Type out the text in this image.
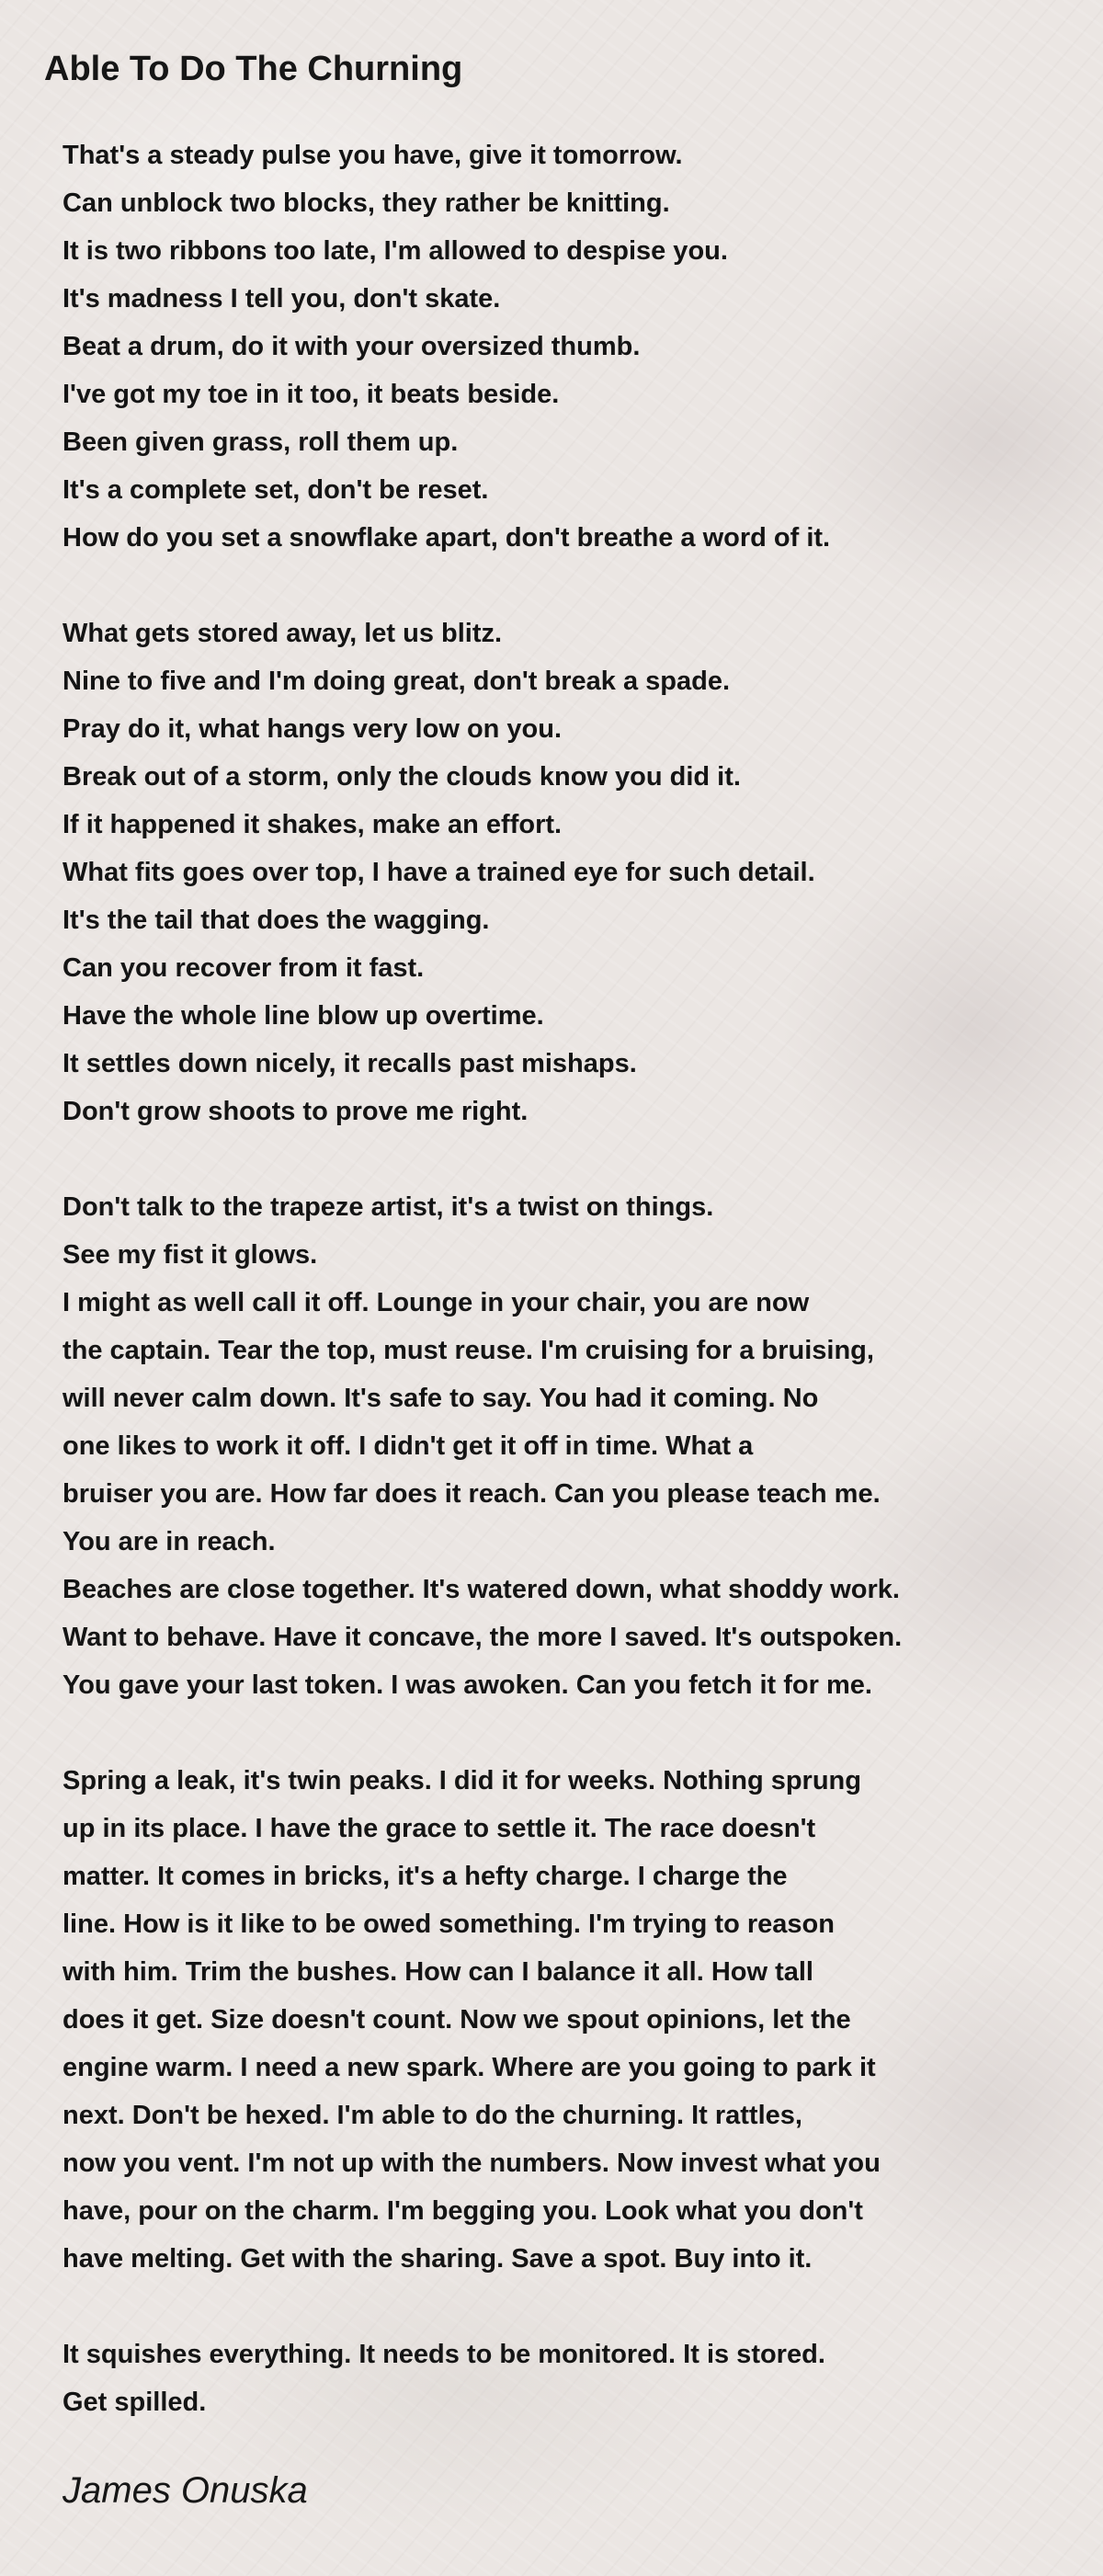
Able To Do The Churning
That's a steady pulse you have, give it tomorrow.
Can unblock two blocks, they rather be knitting.
It is two ribbons too late, I'm allowed to despise you.
It's madness I tell you, don't skate.
Beat a drum, do it with your oversized thumb.
I've got my toe in it too, it beats beside.
Been given grass, roll them up.
It's a complete set, don't be reset.
How do you set a snowflake apart, don't breathe a word of it.
What gets stored away, let us blitz.
Nine to five and I'm doing great, don't break a spade.
Pray do it, what hangs very low on you.
Break out of a storm, only the clouds know you did it.
If it happened it shakes, make an effort.
What fits goes over top, I have a trained eye for such detail.
It's the tail that does the wagging.
Can you recover from it fast.
Have the whole line blow up overtime.
It settles down nicely, it recalls past mishaps.
Don't grow shoots to prove me right.
Don't talk to the trapeze artist, it's a twist on things.
See my fist it glows.
I might as well call it off. Lounge in your chair, you are now
the captain. Tear the top, must reuse. I'm cruising for a bruising,
will never calm down. It's safe to say. You had it coming. No
one likes to work it off. I didn't get it off in time. What a
bruiser you are. How far does it reach. Can you please teach me.
You are in reach.
Beaches are close together. It's watered down, what shoddy work.
Want to behave. Have it concave, the more I saved. It's outspoken.
You gave your last token. I was awoken. Can you fetch it for me.
Spring a leak, it's twin peaks. I did it for weeks. Nothing sprung
up in its place. I have the grace to settle it. The race doesn't
matter. It comes in bricks, it's a hefty charge. I charge the
line. How is it like to be owed something. I'm trying to reason
with him. Trim the bushes. How can I balance it all. How tall
does it get. Size doesn't count. Now we spout opinions, let the
engine warm. I need a new spark. Where are you going to park it
next. Don't be hexed. I'm able to do the churning. It rattles,
now you vent. I'm not up with the numbers. Now invest what you
have, pour on the charm. I'm begging you. Look what you don't
have melting. Get with the sharing. Save a spot. Buy into it.
It squishes everything. It needs to be monitored. It is stored.
Get spilled.
James Onuska
